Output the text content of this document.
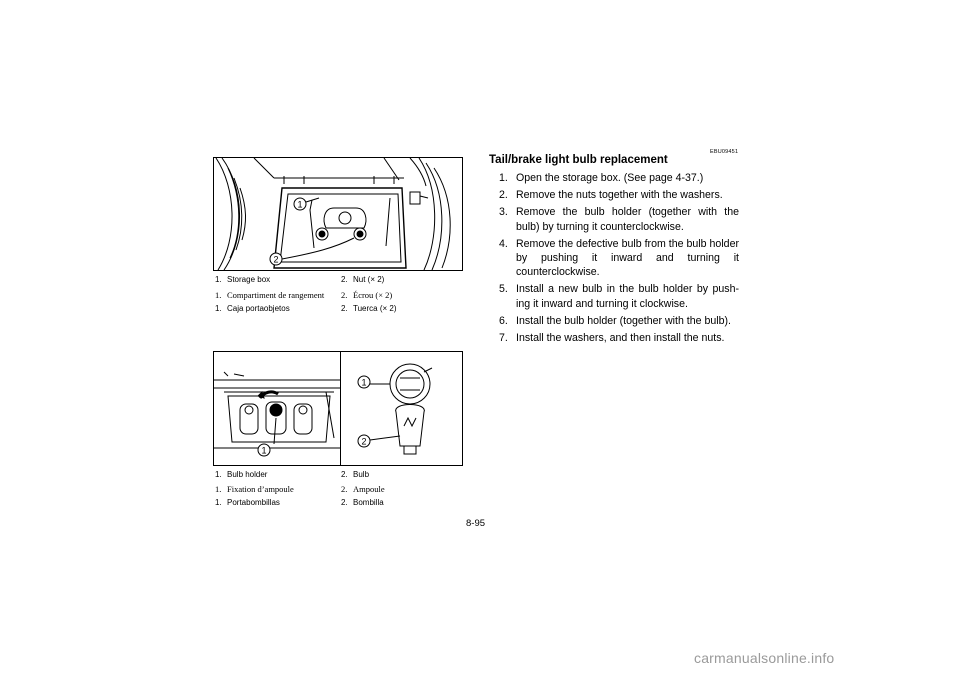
1
2
1. Storage box	2. Nut (× 2)
1. Compartiment de rangement 2. Écrou (× 2)
1. Caja portaobjetos	2. Tuerca (× 2)
1
1
2
1. Bulb holder	2. Bulb
1. Fixation d’ampoule	2. Ampoule
1. Portabombillas	2. Bombilla
EBU09451
Tail/brake light bulb replacement
1. Open the storage box. (See page 4-37.)
2. Remove the nuts together with the washers.
3. Remove the bulb holder (together with the bulb) by turning it counterclockwise.
4. Remove the defective bulb from the bulb holder by pushing it inward and turning it counterclockwise.
5. Install a new bulb in the bulb holder by push-ing it inward and turning it clockwise.
6. Install the bulb holder (together with the bulb).
7. Install the washers, and then install the nuts.
8-95
carmanualsonline.info
